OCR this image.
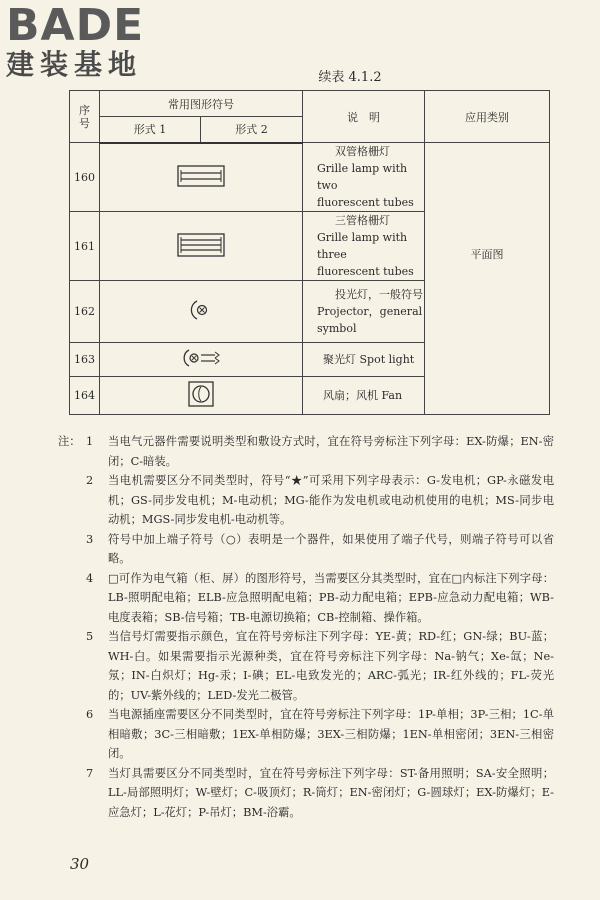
BADE
建装基地	续表 4.1.2
序号	常用图形符号		说　明	应用类别
	形式 1	形式 2		
160			双管格栅灯
Grille lamp with two
fluorescent tubes	平面图
161			三管格栅灯
Grille lamp with three
fluorescent tubes	

162			投光灯，一般符号
Projector，general
symbol	

163			聚光灯 Spot light	

164			风扇；风机 Fan	
注： 1	当电气元器件需要说明类型和敷设方式时，宜在符号旁标注下列字母：EX-防爆；EN-密闭；C-暗装。
2	当电机需要区分不同类型时，符号“★”可采用下列字母表示：G-发电机；GP-永磁发电机；GS-同步发电机；M-电动机；MG-能作为发电机或电动机使用的电机；MS-同步电动机；MGS-同步发电机-电动机等。
3	符号中加上端子符号（○）表明是一个器件，如果使用了端子代号，则端子符号可以省略。
4	□可作为电气箱（柜、屏）的图形符号，当需要区分其类型时，宜在□内标注下列字母：LB-照明配电箱；ELB-应急照明配电箱；PB-动力配电箱；EPB-应急动力配电箱；WB-电度表箱；SB-信号箱；TB-电源切换箱；CB-控制箱、操作箱。
5	当信号灯需要指示颜色，宜在符号旁标注下列字母：YE-黄；RD-红；GN-绿；BU-蓝；WH-白。如果需要指示光源种类，宜在符号旁标注下列字母：Na-钠气；Xe-氙；Ne-氖；IN-白炽灯；Hg-汞；I-碘；EL-电致发光的；ARC-弧光；IR-红外线的；FL-荧光的；UV-紫外线的；LED-发光二极管。
6	当电源插座需要区分不同类型时，宜在符号旁标注下列字母：1P-单相；3P-三相；1C-单相暗敷；3C-三相暗敷；1EX-单相防爆；3EX-三相防爆；1EN-单相密闭；3EN-三相密闭。
7	当灯具需要区分不同类型时，宜在符号旁标注下列字母：ST-备用照明；SA-安全照明；LL-局部照明灯；W-壁灯；C-吸顶灯；R-筒灯；EN-密闭灯；G-圆球灯；EX-防爆灯；E-应急灯；L-花灯；P-吊灯；BM-浴霸。
30
